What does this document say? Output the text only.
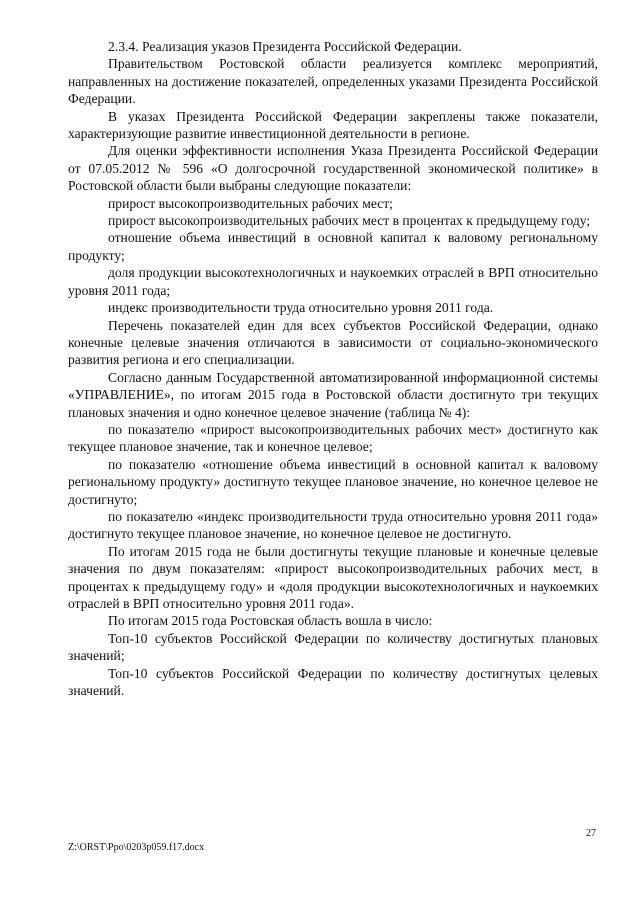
2.3.4. Реализация указов Президента Российской Федерации.

Правительством Ростовской области реализуется комплекс мероприятий, направленных на достижение показателей, определенных указами Президента Российской Федерации.

В указах Президента Российской Федерации закреплены также показатели, характеризующие развитие инвестиционной деятельности в регионе.

Для оценки эффективности исполнения Указа Президента Российской Федерации от 07.05.2012 № 596 «О долгосрочной государственной экономической политике» в Ростовской области были выбраны следующие показатели:

прирост высокопроизводительных рабочих мест;

прирост высокопроизводительных рабочих мест в процентах к предыдущему году;

отношение объема инвестиций в основной капитал к валовому региональному продукту;

доля продукции высокотехнологичных и наукоемких отраслей в ВРП относительно уровня 2011 года;

индекс производительности труда относительно уровня 2011 года.

Перечень показателей един для всех субъектов Российской Федерации, однако конечные целевые значения отличаются в зависимости от социально-экономического развития региона и его специализации.

Согласно данным Государственной автоматизированной информационной системы «УПРАВЛЕНИЕ», по итогам 2015 года в Ростовской области достигнуто три текущих плановых значения и одно конечное целевое значение (таблица № 4):

по показателю «прирост высокопроизводительных рабочих мест» достигнуто как текущее плановое значение, так и конечное целевое;

по показателю «отношение объема инвестиций в основной капитал к валовому региональному продукту» достигнуто текущее плановое значение, но конечное целевое не достигнуто;

по показателю «индекс производительности труда относительно уровня 2011 года» достигнуто текущее плановое значение, но конечное целевое не достигнуто.

По итогам 2015 года не были достигнуты текущие плановые и конечные целевые значения по двум показателям: «прирост высокопроизводительных рабочих мест, в процентах к предыдущему году» и «доля продукции высокотехнологичных и наукоемких отраслей в ВРП относительно уровня 2011 года».

По итогам 2015 года Ростовская область вошла в число:

Топ-10 субъектов Российской Федерации по количеству достигнутых плановых значений;

Топ-10 субъектов Российской Федерации по количеству достигнутых целевых значений.

27
Z:\ORST\Ppo\0203p059.f17.docx
